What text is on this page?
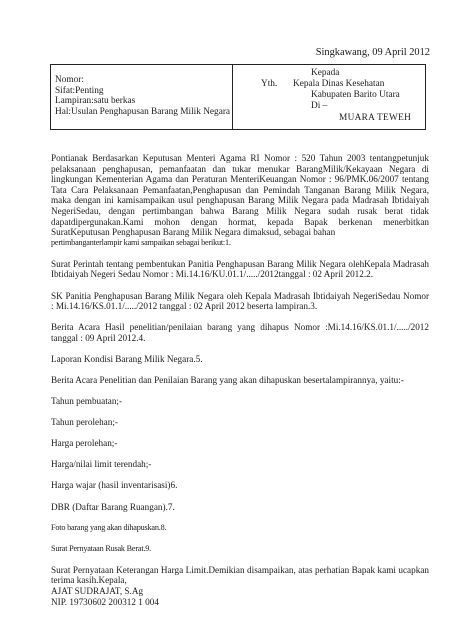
Singkawang, 09 April 2012
Nomor:
Sifat:Penting
Lampiran:satu berkas
Hal:Usulan Penghapusan Barang Milik Negara
Kepada
Yth. Kepala Dinas Kesehatan
Kabupaten Barito Utara
Di –
MUARA TEWEH

Pontianak Berdasarkan Keputusan Menteri Agama RI Nomor : 520 Tahun 2003 tentangpetunjuk pelaksanaan penghapusan, pemanfaatan dan tukar menukar BarangMilik/Kekayaan Negara di lingkungan Kementerian Agama dan Peraturan MenteriKeuangan Nomor : 96/PMK.06/2007 tentang Tata Cara Pelaksanaan Pemanfaatan,Penghapusan dan Pemindah Tanganan Barang Milik Negara, maka dengan ini kamisampaikan usul penghapusan Barang Milik Negara pada Madrasah Ibtidaiyah NegeriSedau, dengan pertimbangan bahwa Barang Milik Negara sudah rusak berat tidak dapatdipergunakan.Kami mohon dengan hormat, kepada Bapak berkenan menerbitkan SuratKeputusan Penghapusan Barang Milik Negara dimaksud, sebagai bahan

pertimbanganterlampir kami sampaikan sebagai berikut:1.

Surat Perintah tentang pembentukan Panitia Penghapusan Barang Milik Negara olehKepala Madrasah Ibtidaiyah Negeri Sedau Nomor : Mi.14.16/KU.01.1/...../2012tanggal : 02 April 2012.2.

SK Panitia Penghapusan Barang Milik Negara oleh Kepala Madrasah Ibtidaiyah NegeriSedau Nomor : Mi.14.16/KS.01.1/...../2012 tanggal : 02 April 2012 beserta lampiran.3.

Berita Acara Hasil penelitian/penilaian barang yang dihapus Nomor :Mi.14.16/KS.01.1/...../2012 tanggal : 09 April 2012.4.

Laporan Kondisi Barang Milik Negara.5.

Berita Acara Penelitian dan Penilaian Barang yang akan dihapuskan besertalampirannya, yaitu:-

Tahun pembuatan;-

Tahun perolehan;-

Harga perolehan;-

Harga/nilai limit terendah;-

Harga wajar (hasil inventarisasi)6.

DBR (Daftar Barang Ruangan).7.

Foto barang yang akan dihapuskan.8.

Surat Pernyataan Rusak Berat.9.

Surat Pernyataan Keterangan Harga Limit.Demikian disampaikan, atas perhatian Bapak kami ucapkan terima kasih.Kepala,

AJAT SUDRAJAT, S.Ag

NIP. 19730602 200312 1 004
